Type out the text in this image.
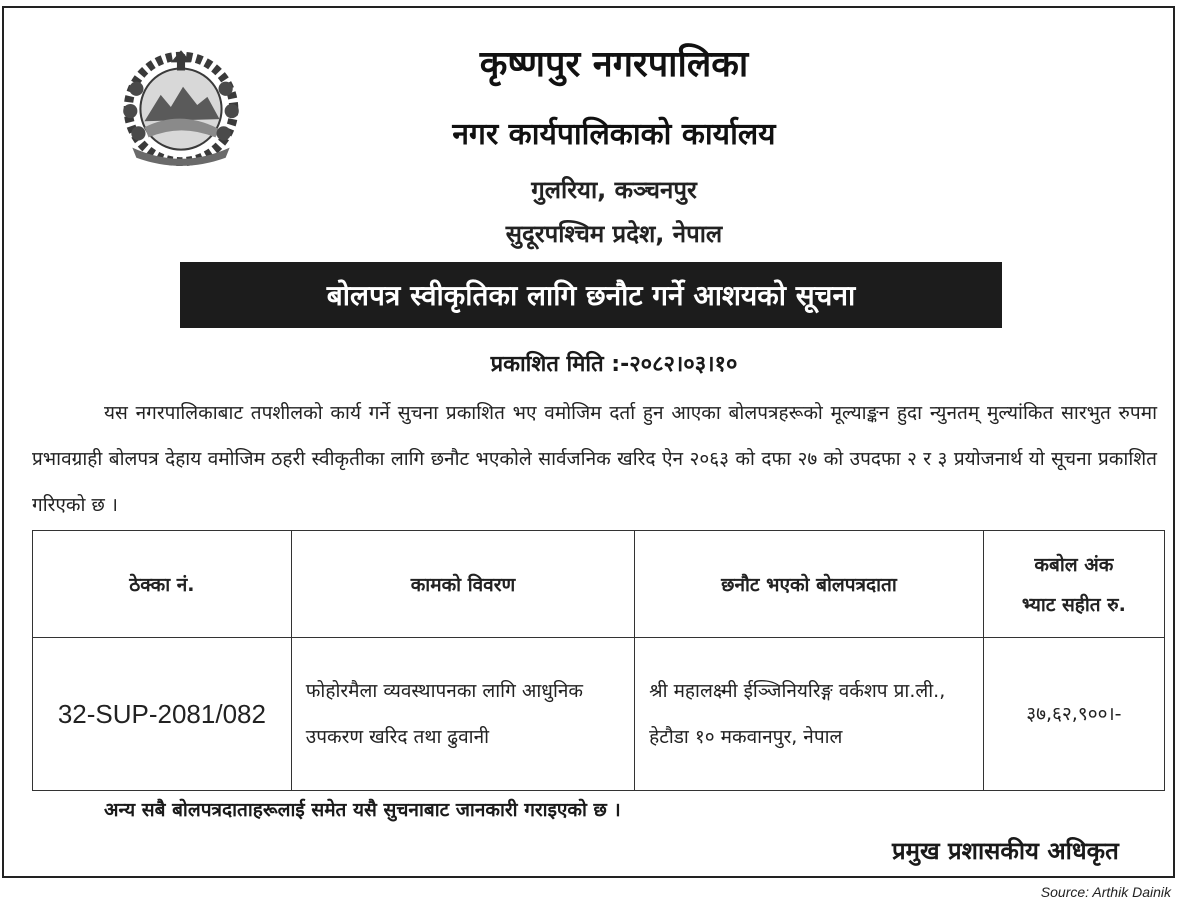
कृष्णपुर नगरपालिका
नगर कार्यपालिकाको कार्यालय
गुलरिया, कञ्चनपुर
सुदूरपश्चिम प्रदेश, नेपाल
बोलपत्र स्वीकृतिका लागि छनौट गर्ने आशयको सूचना
प्रकाशित मिति :-२०८२।०३।१०
यस नगरपालिकाबाट तपशीलको कार्य गर्ने सुचना प्रकाशित भए वमोजिम दर्ता हुन आएका बोलपत्रहरूको मूल्याङ्कन हुदा न्युनतम् मुल्यांकित सारभुत रुपमा प्रभावग्राही बोलपत्र देहाय वमोजिम ठहरी स्वीकृतीका लागि छनौट भएकोले सार्वजनिक खरिद ऐन २०६३ को दफा २७ को उपदफा २ र ३ प्रयोजनार्थ यो सूचना प्रकाशित गरिएको छ ।
ठेक्का नं.	कामको विवरण	छनौट भएको बोलपत्रदाता	कबोल अंक
भ्याट सहीत रु.

32-SUP-2081/082	फोहोरमैला व्यवस्थापनका लागि आधुनिक उपकरण खरिद तथा ढुवानी	श्री महालक्ष्मी ईञ्जिनियरिङ्ग वर्कशप प्रा.ली., हेटौडा १० मकवानपुर, नेपाल	३७,६२,९००।-
अन्य सबै बोलपत्रदाताहरूलाई समेत यसै सुचनाबाट जानकारी गराइएको छ ।
प्रमुख प्रशासकीय अधिकृत
Source: Arthik Dainik
